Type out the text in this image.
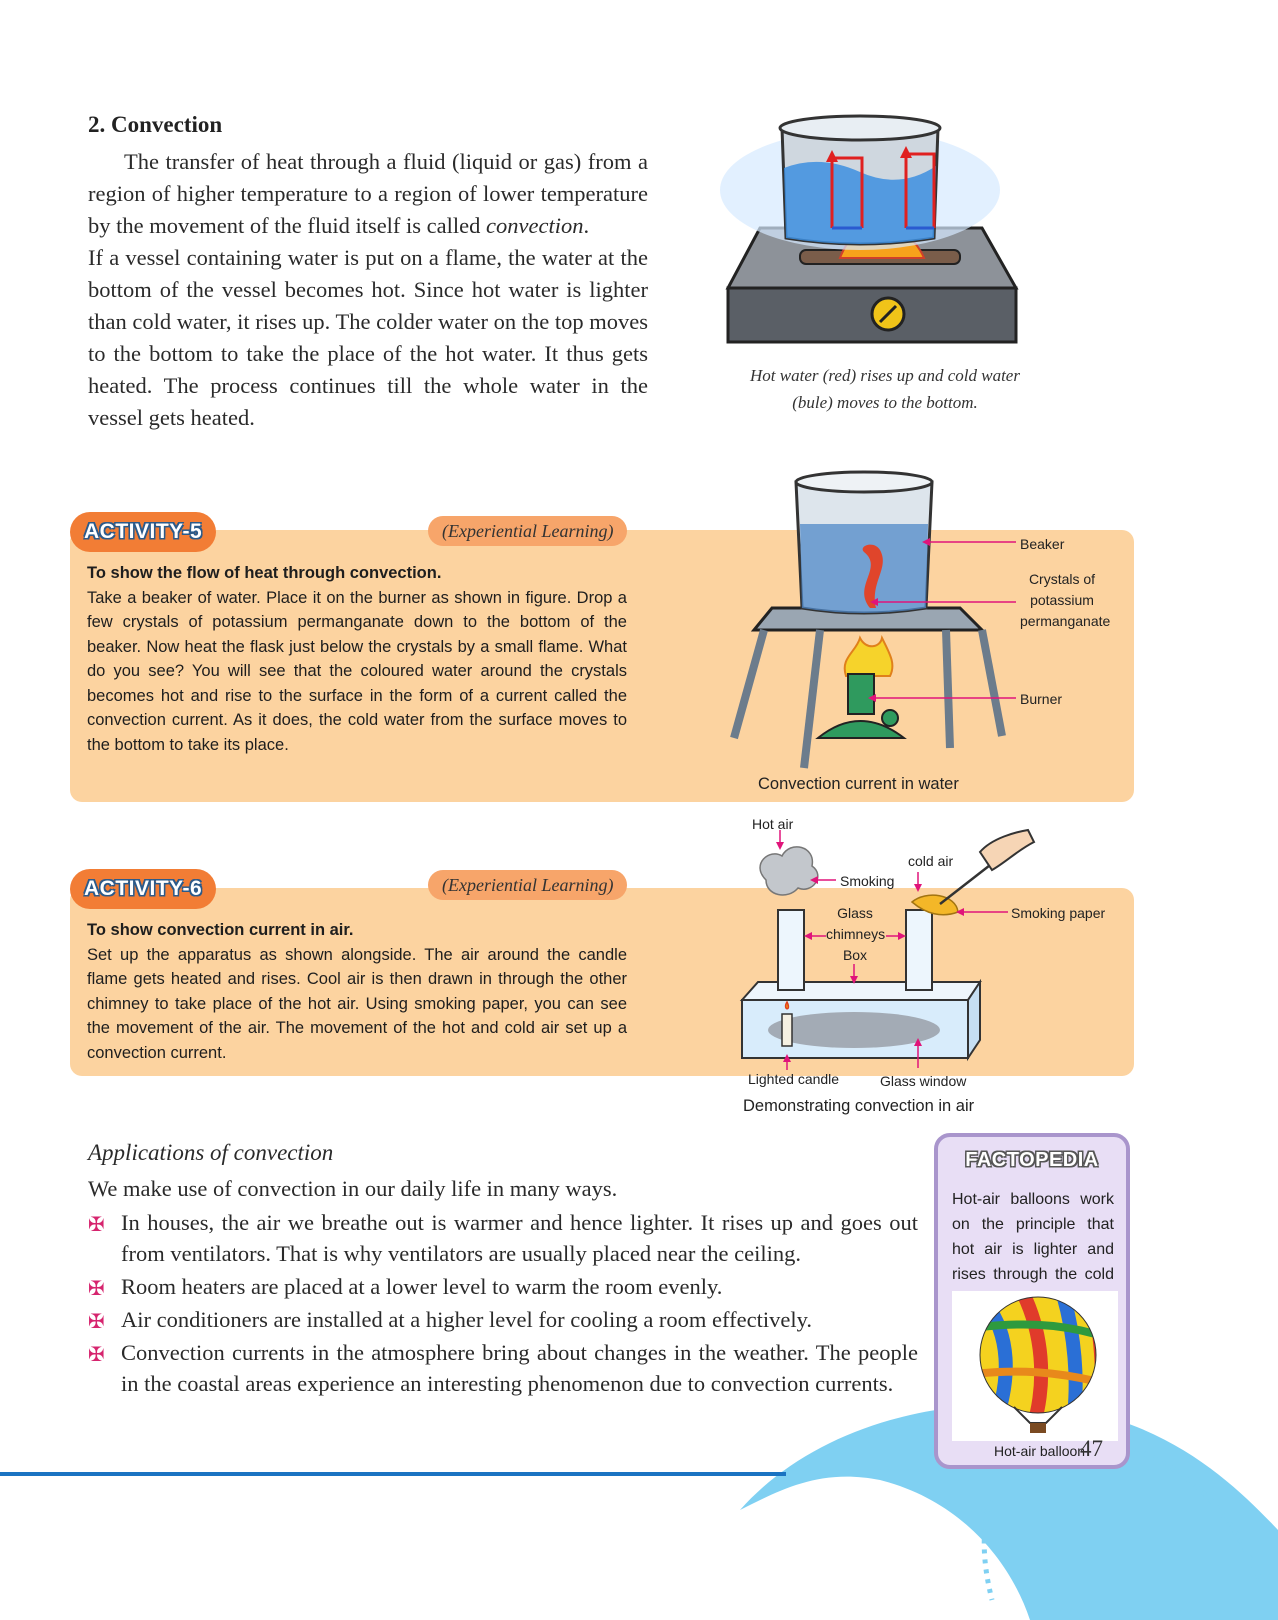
2. Convection

The transfer of heat through a fluid (liquid or gas) from a region of higher temperature to a region of lower temperature by the movement of the fluid itself is called convection.

If a vessel containing water is put on a flame, the water at the bottom of the vessel becomes hot. Since hot water is lighter than cold water, it rises up. The colder water on the top moves to the bottom to take the place of the hot water. It thus gets heated. The process continues till the whole water in the vessel gets heated.

Hot water (red) rises up and cold water
(bule) moves to the bottom.
ACTIVITY-5	(Experiential Learning)
To show the flow of heat through convection.
Take a beaker of water. Place it on the burner as shown in figure. Drop a few crystals of potassium permanganate down to the bottom of the beaker. Now heat the flask just below the crystals by a small flame. What do you see? You will see that the coloured water around the crystals becomes hot and rise to the surface in the form of a current called the convection current. As it does, the cold water from the surface moves to the bottom to take its place.
Beaker
Crystals of
potassium
permanganate
Burner
Convection current in water
ACTIVITY-6	(Experiential Learning)
To show convection current in air.
Set up the apparatus as shown alongside. The air around the candle flame gets heated and rises. Cool air is then drawn in through the other chimney to take place of the hot air. Using smoking paper, you can see the movement of the air. The movement of the hot and cold air set up a convection current.
Hot air
cold air
Smoking
Smoking paper
Glass
chimneys
Box
Lighted candle	Glass window
Demonstrating convection in air
Applications of convection
We make use of convection in our daily life in many ways.
✠ In houses, the air we breathe out is warmer and hence lighter. It rises up and goes out from ventilators. That is why ventilators are usually placed near the ceiling.
✠ Room heaters are placed at a lower level to warm the room evenly.
✠ Air conditioners are installed at a higher level for cooling a room effectively.
✠ Convection currents in the atmosphere bring about changes in the weather. The people in the coastal areas experience an interesting phenomenon due to convection currents.
FACTOPEDIA
Hot-air balloons work on the principle that hot air is lighter and rises through the cold
Hot-air balloon
47
